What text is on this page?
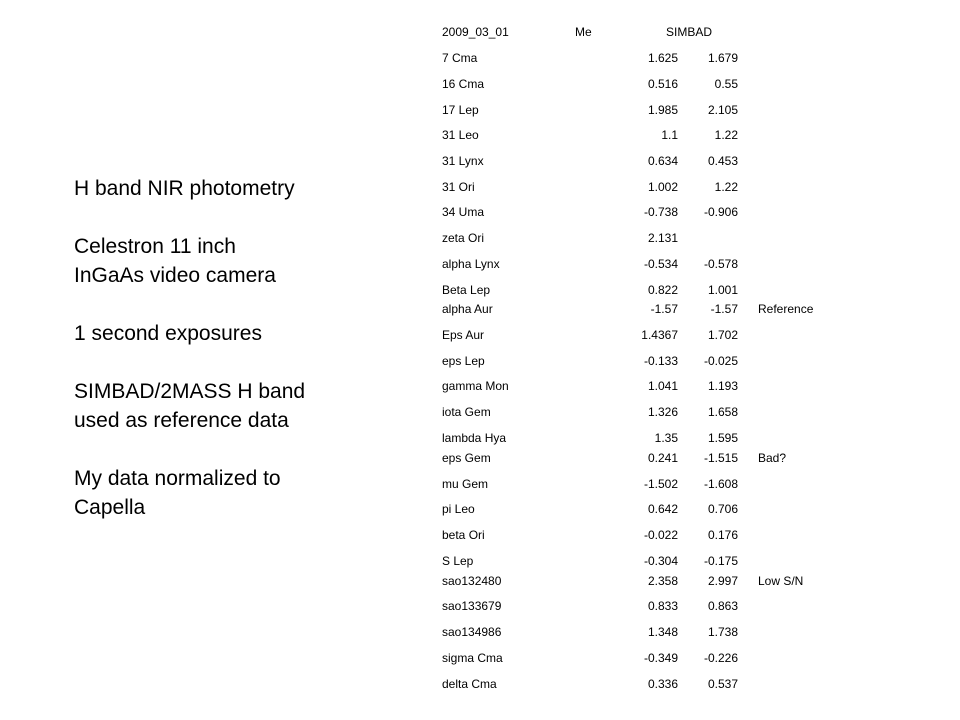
H band NIR photometry
Celestron 11 inch
InGaAs video camera
1 second exposures
SIMBAD/2MASS H band
used as reference data
My data normalized to
Capella
2009_03_01	Me	SIMBAD
7 Cma	1.625	1.679
16 Cma	0.516	0.55
17 Lep	1.985	2.105
31 Leo	1.1	1.22
31 Lynx	0.634	0.453
31 Ori	1.002	1.22
34 Uma	-0.738	-0.906
zeta Ori	2.131
alpha Lynx	-0.534	-0.578
Beta Lep	0.822	1.001
alpha Aur	-1.57	-1.57 Reference
Eps Aur	1.4367	1.702
eps Lep	-0.133	-0.025
gamma Mon	1.041	1.193
iota Gem	1.326	1.658
lambda Hya	1.35	1.595
eps Gem	0.241	-1.515 Bad?
mu Gem	-1.502	-1.608
pi Leo	0.642	0.706
beta Ori	-0.022	0.176
S Lep	-0.304	-0.175
sao132480	2.358	2.997 Low S/N
sao133679	0.833	0.863
sao134986	1.348	1.738
sigma Cma	-0.349	-0.226
delta Cma	0.336	0.537
